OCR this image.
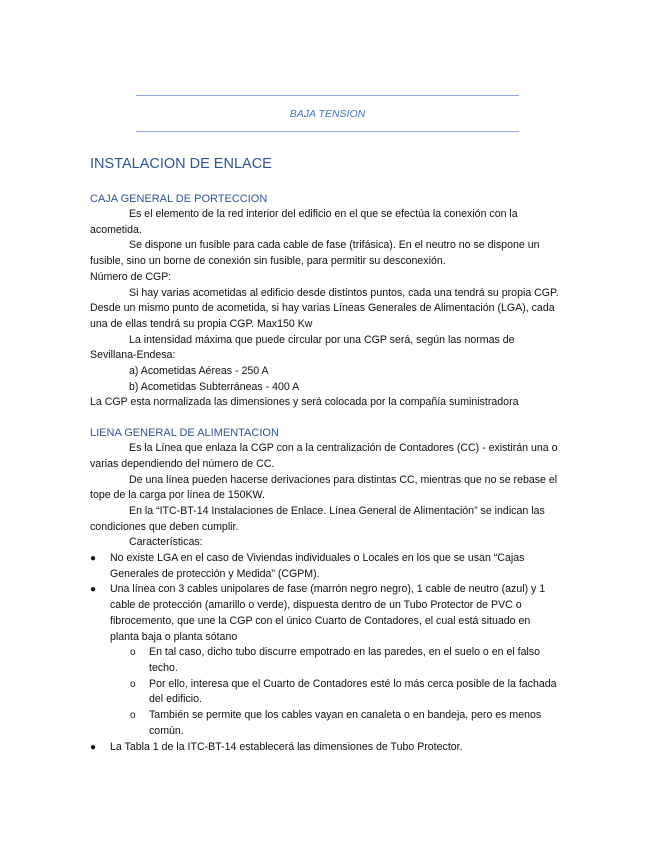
BAJA TENSION
INSTALACION DE ENLACE
CAJA GENERAL DE PORTECCION

Es el elemento de la red interior del edificio en el que se efectúa la conexión con la acometida.

Se dispone un fusible para cada cable de fase (trifásica). En el neutro no se dispone un fusible, sino un borne de conexión sin fusible, para permitir su desconexión.

Número de CGP:

Si hay varias acometidas al edificio desde distintos puntos, cada una tendrá su propia CGP. Desde un mismo punto de acometida, si hay varias Líneas Generales de Alimentación (LGA), cada una de ellas tendrá su propia CGP. Max150 Kw

La intensidad máxima que puede circular por una CGP será, según las normas de Sevillana-Endesa:

a) Acometidas Aéreas - 250 A

b) Acometidas Subterráneas - 400 A

La CGP esta normalizada las dimensiones y será colocada por la compañía suministradora

LIENA GENERAL DE ALIMENTACION

Es la Línea que enlaza la CGP con a la centralización de Contadores (CC) - existirán una o varias dependiendo del número de CC.

De una línea pueden hacerse derivaciones para distintas CC, mientras que no se rebase el tope de la carga por línea de 150KW.

En la “ITC-BT-14 Instalaciones de Enlace. Línea General de Alimentación” se indican las condiciones que deben cumplir.

Características:

●	No existe LGA en el caso de Viviendas individuales o Locales en los que se usan “Cajas Generales de protección y Medida” (CGPM).
●	Una línea con 3 cables unipolares de fase (marrón negro negro), 1 cable de neutro (azul) y 1 cable de protección (amarillo o verde), dispuesta dentro de un Tubo Protector de PVC o fibrocemento, que une la CGP con el único Cuarto de Contadores, el cual está situado en planta baja o planta sótano
o En tal caso, dicho tubo discurre empotrado en las paredes, en el suelo o en el falso techo.
o Por ello, interesa que el Cuarto de Contadores esté lo más cerca posible de la fachada del edificio.
o También se permite que los cables vayan en canaleta o en bandeja, pero es menos común.
●	La Tabla 1 de la ITC-BT-14 establecerá las dimensiones de Tubo Protector.
